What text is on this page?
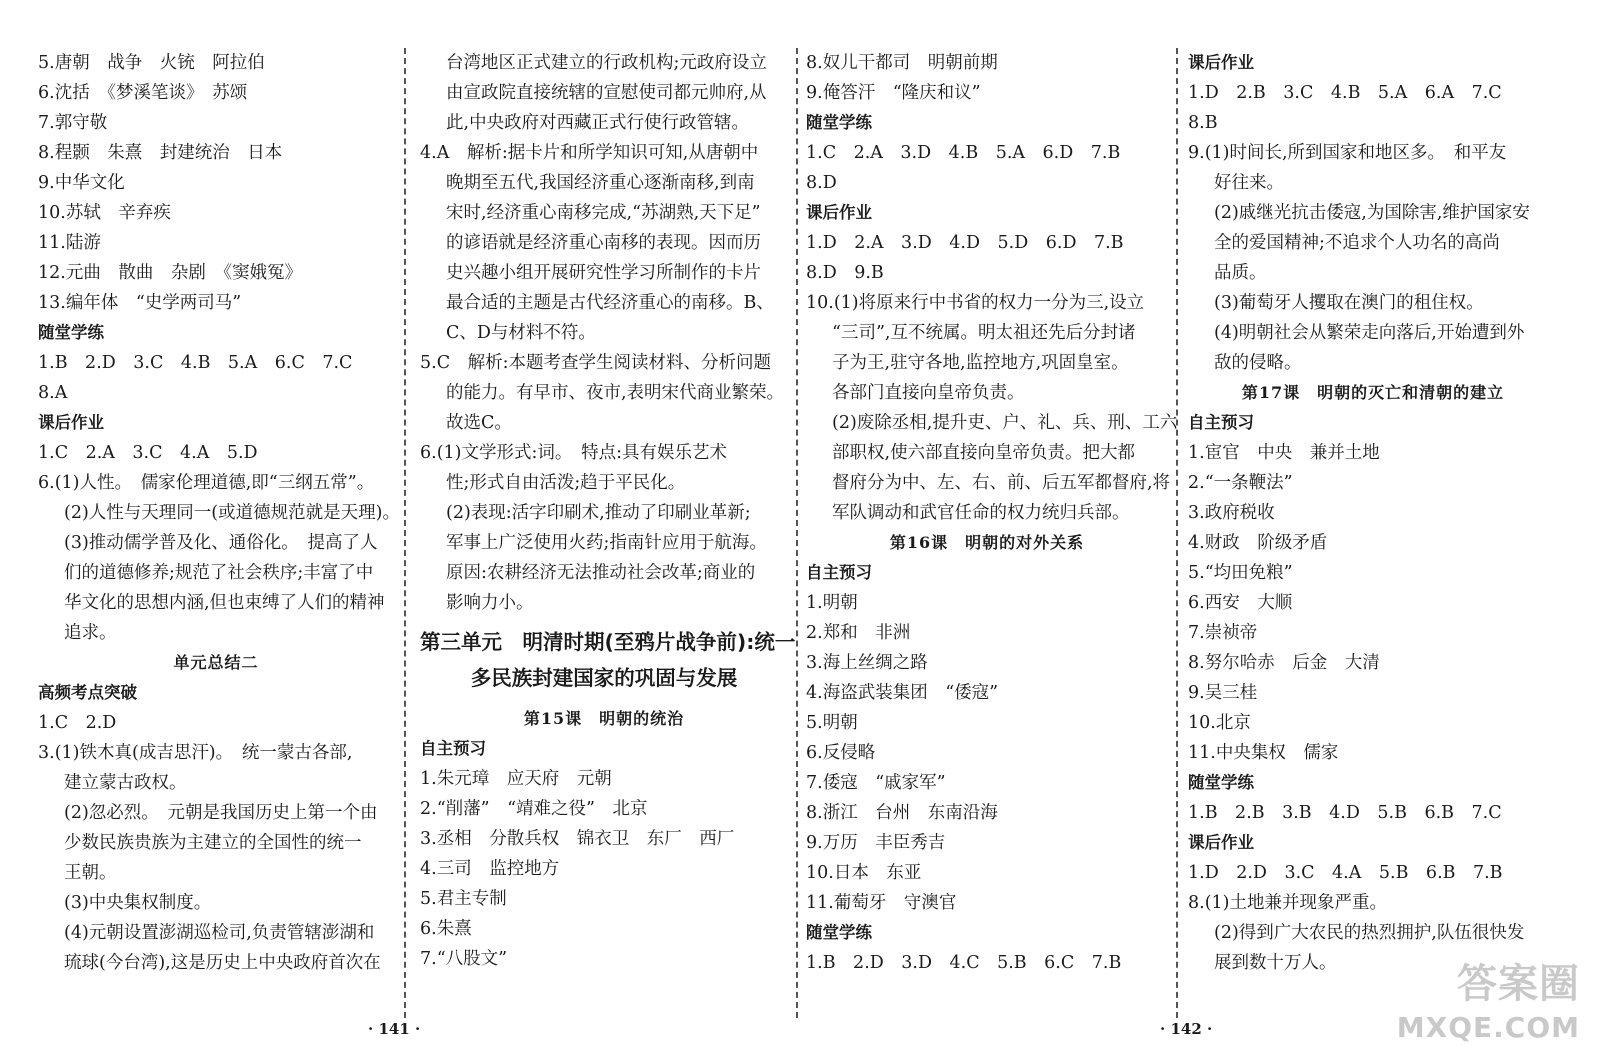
5.唐朝　战争　火铳　阿拉伯
6.沈括　《梦溪笔谈》　苏颂
7.郭守敬
8.程颢　朱熹　封建统治　日本
9.中华文化
10.苏轼　辛弃疾
11.陆游
12.元曲　散曲　杂剧　《窦娥冤》
13.编年体　“史学两司马”
随堂学练
1.B　2.D　3.C　4.B　5.A　6.C　7.C
8.A
课后作业
1.C　2.A　3.C　4.A　5.D
6.(1)人性。　儒家伦理道德,即“三纲五常”。
(2)人性与天理同一(或道德规范就是天理)。
(3)推动儒学普及化、通俗化。　提高了人
们的道德修养;规范了社会秩序;丰富了中
华文化的思想内涵,但也束缚了人们的精神
追求。
单元总结二
高频考点突破
1.C　2.D
3.(1)铁木真(成吉思汗)。　统一蒙古各部,
建立蒙古政权。
(2)忽必烈。　元朝是我国历史上第一个由
少数民族贵族为主建立的全国性的统一
王朝。
(3)中央集权制度。
(4)元朝设置澎湖巡检司,负责管辖澎湖和
琉球(今台湾),这是历史上中央政府首次在
台湾地区正式建立的行政机构;元政府设立
由宣政院直接统辖的宣慰使司都元帅府,从
此,中央政府对西藏正式行使行政管辖。
4.A　解析:据卡片和所学知识可知,从唐朝中
晚期至五代,我国经济重心逐渐南移,到南
宋时,经济重心南移完成,“苏湖熟,天下足”
的谚语就是经济重心南移的表现。因而历
史兴趣小组开展研究性学习所制作的卡片
最合适的主题是古代经济重心的南移。B、
C、D与材料不符。
5.C　解析:本题考查学生阅读材料、分析问题
的能力。有早市、夜市,表明宋代商业繁荣。
故选C。
6.(1)文学形式:词。　特点:具有娱乐艺术
性;形式自由活泼;趋于平民化。
(2)表现:活字印刷术,推动了印刷业革新;
军事上广泛使用火药;指南针应用于航海。
原因:农耕经济无法推动社会改革;商业的
影响力小。
第三单元　明清时期(至鸦片战争前):统一
多民族封建国家的巩固与发展
第15课　明朝的统治
自主预习
1.朱元璋　应天府　元朝
2.“削藩”　“靖难之役”　北京
3.丞相　分散兵权　锦衣卫　东厂　西厂
4.三司　监控地方
5.君主专制
6.朱熹
7.“八股文”
8.奴儿干都司　明朝前期
9.俺答汗　“隆庆和议”
随堂学练
1.C　2.A　3.D　4.B　5.A　6.D　7.B
8.D
课后作业
1.D　2.A　3.D　4.D　5.D　6.D　7.B
8.D　9.B
10.(1)将原来行中书省的权力一分为三,设立
“三司”,互不统属。明太祖还先后分封诸
子为王,驻守各地,监控地方,巩固皇室。
各部门直接向皇帝负责。
(2)废除丞相,提升吏、户、礼、兵、刑、工六
部职权,使六部直接向皇帝负责。把大都
督府分为中、左、右、前、后五军都督府,将
军队调动和武官任命的权力统归兵部。
第16课　明朝的对外关系
自主预习
1.明朝
2.郑和　非洲
3.海上丝绸之路
4.海盗武装集团　“倭寇”
5.明朝
6.反侵略
7.倭寇　“戚家军”
8.浙江　台州　东南沿海
9.万历　丰臣秀吉
10.日本　东亚
11.葡萄牙　守澳官
随堂学练
1.B　2.D　3.D　4.C　5.B　6.C　7.B
课后作业
1.D　2.B　3.C　4.B　5.A　6.A　7.C
8.B
9.(1)时间长,所到国家和地区多。　和平友
好往来。
(2)戚继光抗击倭寇,为国除害,维护国家安
全的爱国精神;不追求个人功名的高尚
品质。
(3)葡萄牙人攫取在澳门的租住权。
(4)明朝社会从繁荣走向落后,开始遭到外
敌的侵略。
第17课　明朝的灭亡和清朝的建立
自主预习
1.宦官　中央　兼并土地
2.“一条鞭法”
3.政府税收
4.财政　阶级矛盾
5.“均田免粮”
6.西安　大顺
7.崇祯帝
8.努尔哈赤　后金　大清
9.吴三桂
10.北京
11.中央集权　儒家
随堂学练
1.B　2.B　3.B　4.D　5.B　6.B　7.C
课后作业
1.D　2.D　3.C　4.A　5.B　6.B　7.B
8.(1)土地兼并现象严重。
(2)得到广大农民的热烈拥护,队伍很快发
展到数十万人。
· 141 ·	· 142 ·
答案圈
MXQE.COM
